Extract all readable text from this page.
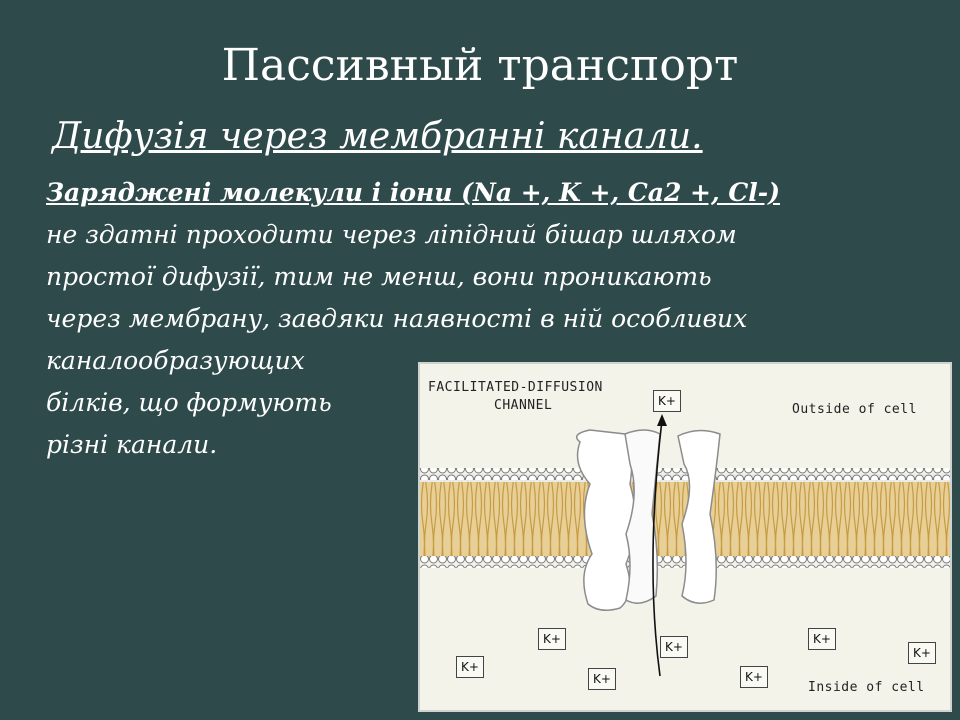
Пассивный транспорт
Дифузія через мембранні канали.
Заряджені молекули і іони (Na +, K +, Ca2 +, Cl-)
не здатні проходити через ліпідний бішар шляхом
простої дифузії, тим не менш, вони проникають
через мембрану, завдяки наявності в ній особливих
каналообразующих
білків, що формують
різні канали.
FACILITATED-DIFFUSION
CHANNEL	Outside of cell
Inside of cell
K+
K+
K+
K+
K+
K+
K+	K+
